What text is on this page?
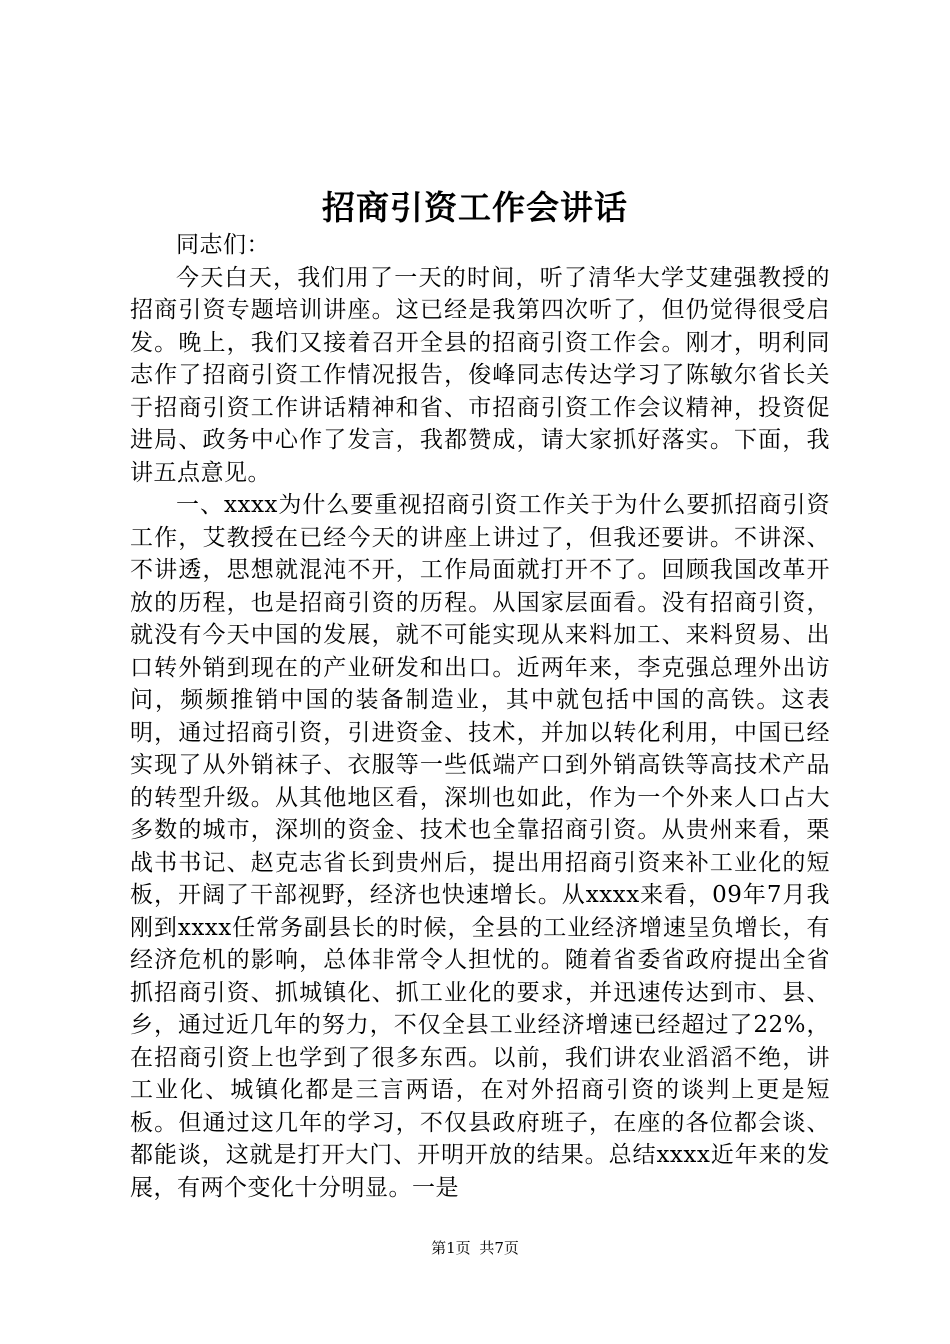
招商引资工作会讲话

同志们：

今天白天，我们用了一天的时间，听了清华大学艾建强教授的招商引资专题培训讲座。这已经是我第四次听了，但仍觉得很受启发。晚上，我们又接着召开全县的招商引资工作会。刚才，明利同志作了招商引资工作情况报告，俊峰同志传达学习了陈敏尔省长关于招商引资工作讲话精神和省、市招商引资工作会议精神，投资促进局、政务中心作了发言，我都赞成，请大家抓好落实。下面，我讲五点意见。

一、xxxx为什么要重视招商引资工作关于为什么要抓招商引资工作，艾教授在已经今天的讲座上讲过了，但我还要讲。不讲深、不讲透，思想就混沌不开，工作局面就打开不了。回顾我国改革开放的历程，也是招商引资的历程。从国家层面看。没有招商引资，就没有今天中国的发展，就不可能实现从来料加工、来料贸易、出口转外销到现在的产业研发和出口。近两年来，李克强总理外出访问，频频推销中国的装备制造业，其中就包括中国的高铁。这表明，通过招商引资，引进资金、技术，并加以转化利用，中国已经实现了从外销袜子、衣服等一些低端产口到外销高铁等高技术产品的转型升级。从其他地区看，深圳也如此，作为一个外来人口占大多数的城市，深圳的资金、技术也全靠招商引资。从贵州来看，栗战书书记、赵克志省长到贵州后，提出用招商引资来补工业化的短板，开阔了干部视野，经济也快速增长。从xxxx来看，09年7月我刚到xxxx任常务副县长的时候，全县的工业经济增速呈负增长，有经济危机的影响，总体非常令人担忧的。随着省委省政府提出全省抓招商引资、抓城镇化、抓工业化的要求，并迅速传达到市、县、乡，通过近几年的努力，不仅全县工业经济增速已经超过了22%，在招商引资上也学到了很多东西。以前，我们讲农业滔滔不绝，讲工业化、城镇化都是三言两语，在对外招商引资的谈判上更是短板。但通过这几年的学习，不仅县政府班子，在座的各位都会谈、都能谈，这就是打开大门、开明开放的结果。总结xxxx近年来的发展，有两个变化十分明显。一是

第1页 共7页
